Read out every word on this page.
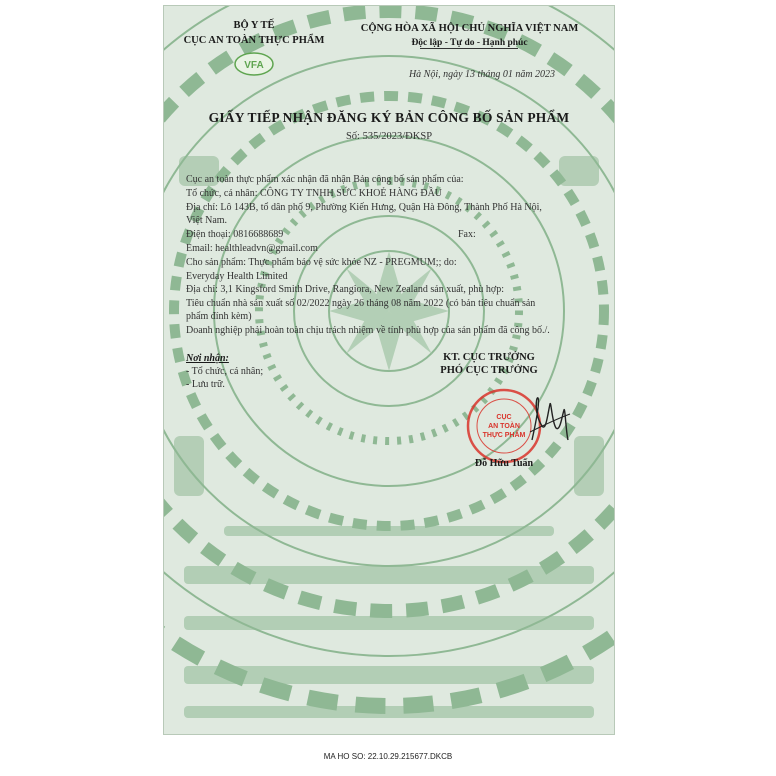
BỘ Y TẾ
CỤC AN TOÀN THỰC PHẨM
VFA
CỘNG HÒA XÃ HỘI CHỦ NGHĨA VIỆT NAM
Độc lập - Tự do - Hạnh phúc
Hà Nội, ngày 13 tháng 01 năm 2023
GIẤY TIẾP NHẬN ĐĂNG KÝ BẢN CÔNG BỐ SẢN PHẨM
Số: 535/2023/ĐKSP
Cục an toàn thực phẩm xác nhận đã nhận Bản công bố sản phẩm của:
Tổ chức, cá nhân: CÔNG TY TNHH SỨC KHOẺ HÀNG ĐẦU
Địa chỉ: Lô 143B, tổ dân phố 9, Phường Kiến Hưng, Quận Hà Đông, Thành Phố Hà Nội,
Việt Nam.
Điện thoại: 0816688689	Fax:
Email: healthleadvn@gmail.com
Cho sản phẩm: Thực phẩm bảo vệ sức khỏe NZ - PREGMUM;; do:
Everyday Health Limited
Địa chỉ: 3,1 Kingsford Smith Drive, Rangiora, New Zealand sản xuất, phù hợp:
Tiêu chuẩn nhà sản xuất số 02/2022 ngày 26 tháng 08 năm 2022 (có bản tiêu chuẩn sản
phẩm đính kèm)
Doanh nghiệp phải hoàn toàn chịu trách nhiệm về tính phù hợp của sản phẩm đã công bố./.
Nơi nhận:
- Tổ chức, cá nhân;
- Lưu trữ.
KT. CỤC TRƯỞNG
PHÓ CỤC TRƯỞNG
CỤC
AN TOÀN
THỰC PHẨM
Đỗ Hữu Tuấn
MA HO SO: 22.10.29.215677.DKCB
